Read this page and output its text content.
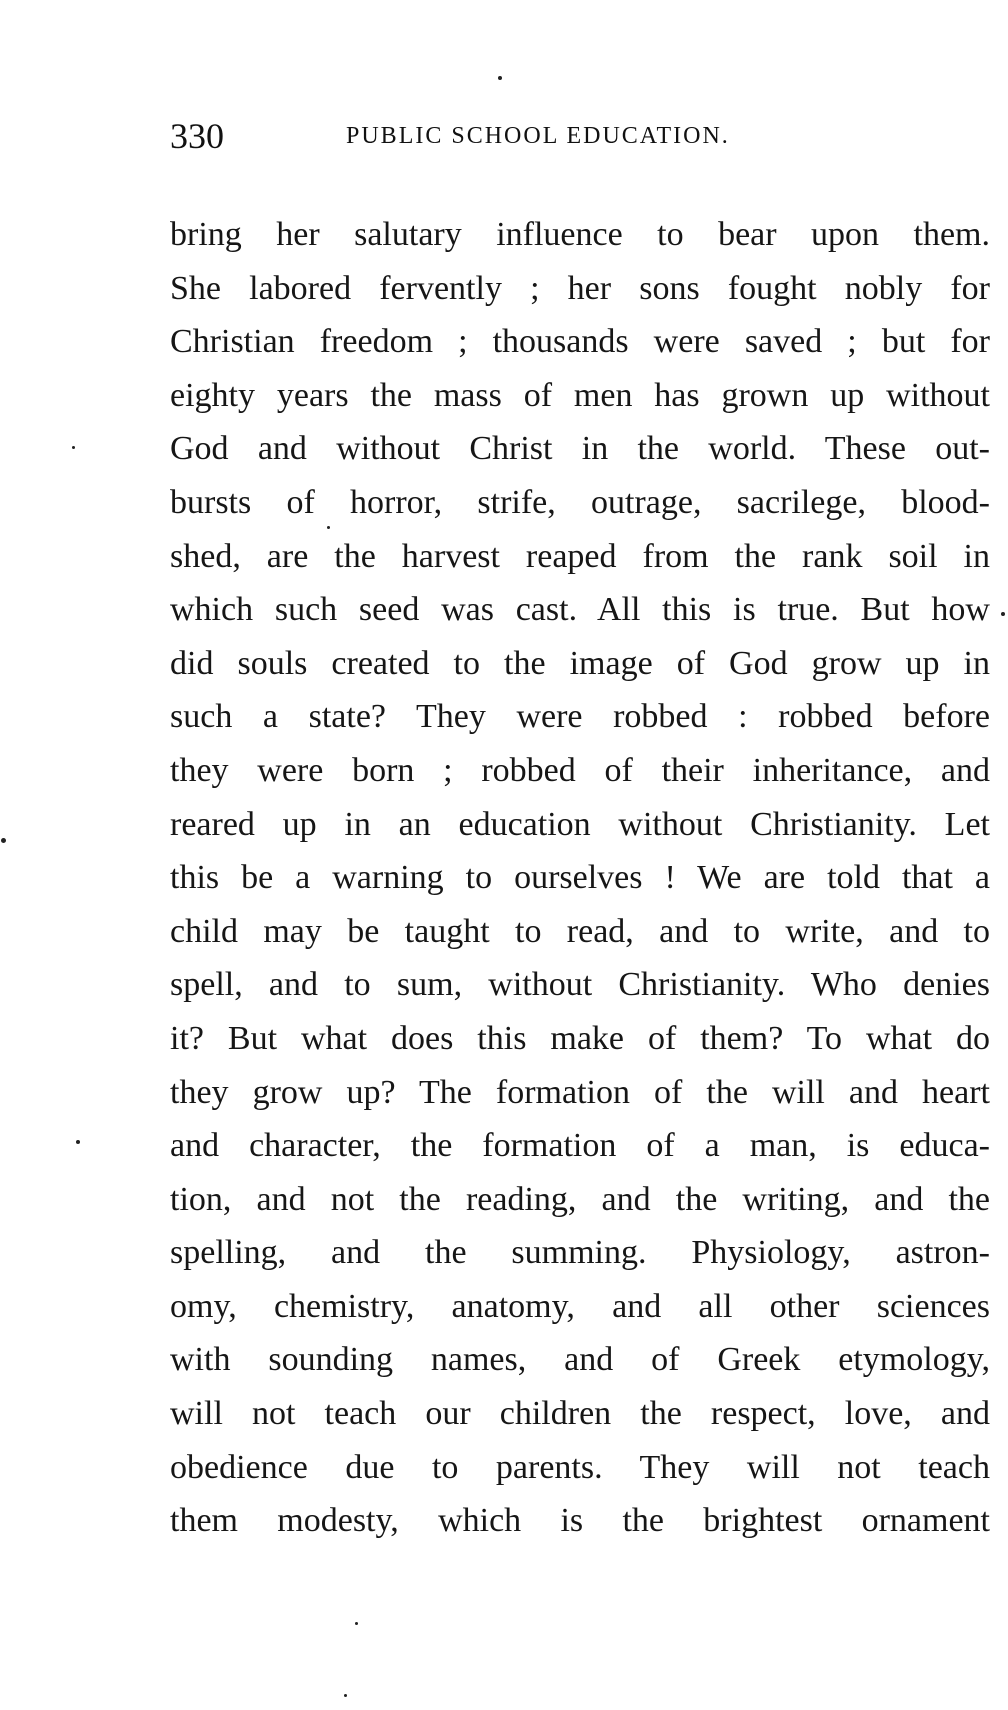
330	PUBLIC SCHOOL EDUCATION.
bring her salutary influence to bear upon them.
She labored fervently ; her sons fought nobly for
Christian freedom ; thousands were saved ; but for
eighty years the mass of men has grown up without
God and without Christ in the world. These out-
bursts of horror, strife, outrage, sacrilege, blood-
shed, are the harvest reaped from the rank soil in
which such seed was cast. All this is true. But how
did souls created to the image of God grow up in
such a state? They were robbed : robbed before
they were born ; robbed of their inheritance, and
reared up in an education without Christianity. Let
this be a warning to ourselves ! We are told that a
child may be taught to read, and to write, and to
spell, and to sum, without Christianity. Who denies
it? But what does this make of them? To what do
they grow up? The formation of the will and heart
and character, the formation of a man, is educa-
tion, and not the reading, and the writing, and the
spelling, and the summing. Physiology, astron-
omy, chemistry, anatomy, and all other sciences
with sounding names, and of Greek etymology,
will not teach our children the respect, love, and
obedience due to parents. They will not teach
them modesty, which is the brightest ornament
